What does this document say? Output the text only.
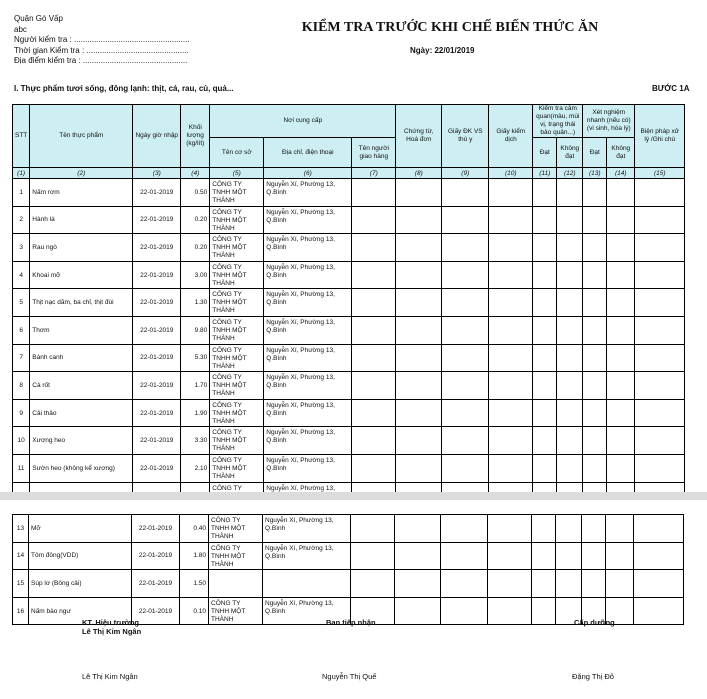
Quận Gò Vấp
abc
Người kiểm tra : ....................................................
Thời gian Kiểm tra : ..............................................
Địa điểm kiểm tra : ...............................................
KIỂM TRA TRƯỚC KHI CHẾ BIẾN THỨC ĂN
Ngày: 22/01/2019
I. Thực phẩm tươi sống, đông lạnh: thịt, cá, rau, củ, quả...	BƯỚC 1A
STT	Tên thực phẩm	Ngày giờ nhập	Khối lượng (kg/lít)	Nơi cung cấp			Chứng từ, Hoá đơn	Giấy ĐK VS thú y	Giấy kiểm dịch	Kiểm tra cảm quan(màu, mùi vị, trạng thái bảo quản...)		Xét nghiệm nhanh (nếu có) (vi sinh, hóa lý)		Biện pháp xử lý /Ghi chú
				Tên cơ sở	Địa chỉ, điện thoại	Tên người giao hàng				Đạt	Không đạt	Đạt	Không đạt	

(1)	(2)	(3)	(4)	(5)	(6)	(7)	(8)	(9)	(10)	(11)	(12)	(13)	(14)	(15)
1	Nấm rơm	22-01-2019	0.50	CÔNG TY TNHH MỘT THÀNH	Nguyễn Xí, Phường 13, Q.Bình									
2	Hành lá	22-01-2019	0.20	CÔNG TY TNHH MỘT THÀNH	Nguyễn Xí, Phường 13, Q.Bình									
3	Rau ngò	22-01-2019	0.20	CÔNG TY TNHH MỘT THÀNH	Nguyễn Xí, Phường 13, Q.Bình									
4	Khoai mỡ	22-01-2019	3.00	CÔNG TY TNHH MỘT THÀNH	Nguyễn Xí, Phường 13, Q.Bình									
5	Thịt nạc dăm, ba chỉ, thịt đùi	22-01-2019	1.30	CÔNG TY TNHH MỘT THÀNH	Nguyễn Xí, Phường 13, Q.Bình									
6	Thơm	22-01-2019	9.80	CÔNG TY TNHH MỘT THÀNH	Nguyễn Xí, Phường 13, Q.Bình									
7	Bánh canh	22-01-2019	5.30	CÔNG TY TNHH MỘT THÀNH	Nguyễn Xí, Phường 13, Q.Bình									
8	Cà rốt	22-01-2019	1.70	CÔNG TY TNHH MỘT THÀNH	Nguyễn Xí, Phường 13, Q.Bình									
9	Cải thảo	22-01-2019	1.90	CÔNG TY TNHH MỘT THÀNH	Nguyễn Xí, Phường 13, Q.Bình									
10	Xương heo	22-01-2019	3.30	CÔNG TY TNHH MỘT THÀNH	Nguyễn Xí, Phường 13, Q.Bình									
11	Sườn heo (không kể xương)	22-01-2019	2.10	CÔNG TY TNHH MỘT THÀNH	Nguyễn Xí, Phường 13, Q.Bình									
				CÔNG TY	Nguyễn Xí, Phường 13,									
13	Mỡ	22-01-2019	0.40	CÔNG TY TNHH MỘT THÀNH	Nguyễn Xí, Phường 13, Q.Bình									
14	Tôm đông(VDD)	22-01-2019	1.80	CÔNG TY TNHH MỘT THÀNH	Nguyễn Xí, Phường 13, Q.Bình									
15	Súp lơ (Bông cải)	22-01-2019	1.50											
16	Nấm bào ngư	22-01-2019	0.10	CÔNG TY TNHH MỘT THÀNH	Nguyễn Xí, Phường 13, Q.Bình									
KT. Hiệu trưởng
Lê Thị Kim Ngân
Ban tiếp nhận	Cấp dưỡng
Lê Thị Kim Ngân	Nguyễn Thị Quế	Đặng Thị Đô
